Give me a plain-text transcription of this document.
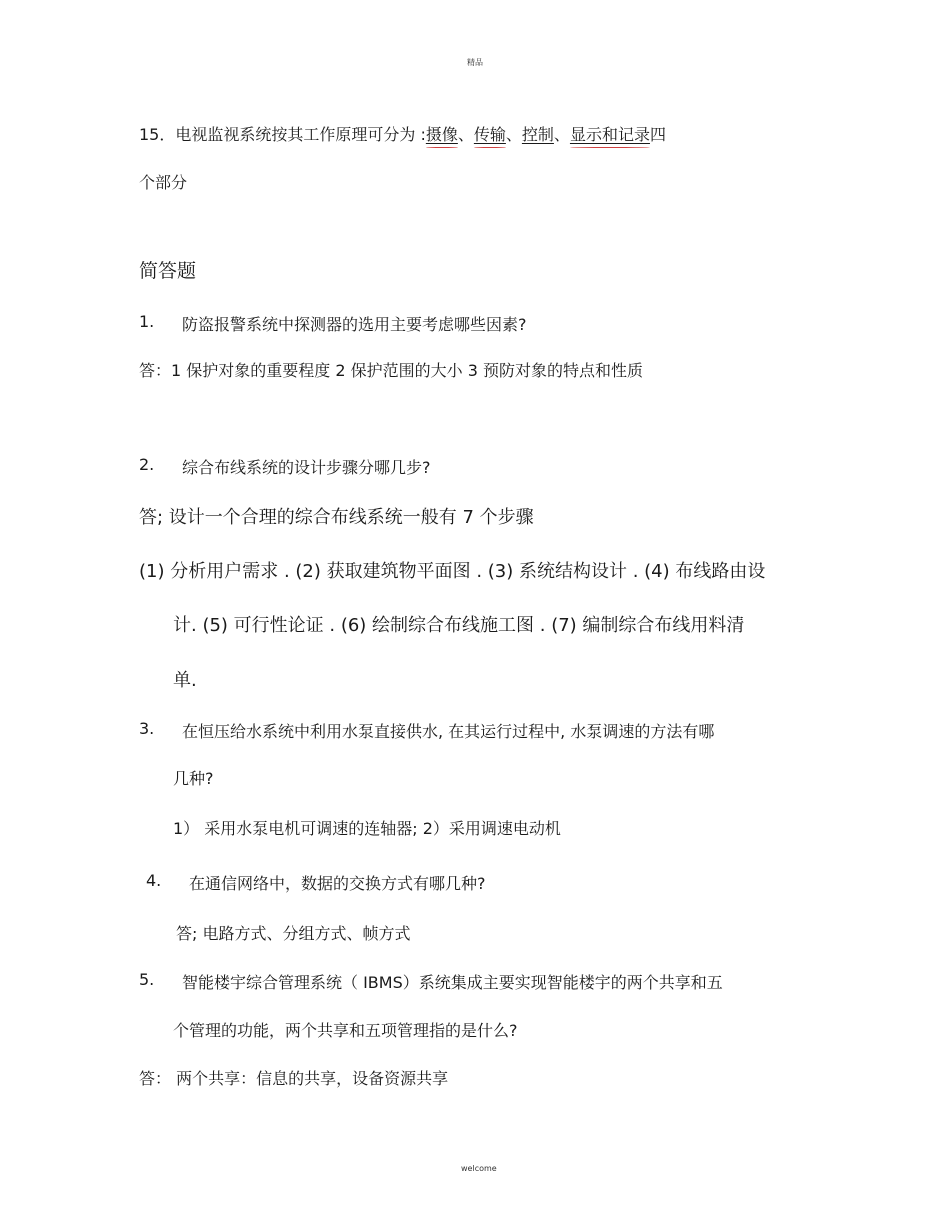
精品
15．电视监视系统按其工作原理可分为 :摄像、传输、控制、显示和记录四
个部分
简答题
1. 防盗报警系统中探测器的选用主要考虑哪些因素?
答：1 保护对象的重要程度 2 保护范围的大小 3 预防对象的特点和性质
2. 综合布线系统的设计步骤分哪几步?
答; 设计一个合理的综合布线系统一般有 7 个步骤
(1) 分析用户需求 . (2) 获取建筑物平面图 . (3) 系统结构设计 . (4) 布线路由设
计. (5) 可行性论证 . (6) 绘制综合布线施工图 . (7) 编制综合布线用料清
单.
3. 在恒压给水系统中利用水泵直接供水, 在其运行过程中, 水泵调速的方法有哪
几种?
1） 采用水泵电机可调速的连轴器; 2）采用调速电动机
4. 在通信网络中，数据的交换方式有哪几种?
答; 电路方式、分组方式、帧方式
5. 智能楼宇综合管理系统（ IBMS）系统集成主要实现智能楼宇的两个共享和五
个管理的功能，两个共享和五项管理指的是什么?
答： 两个共享：信息的共享，设备资源共享
welcome
